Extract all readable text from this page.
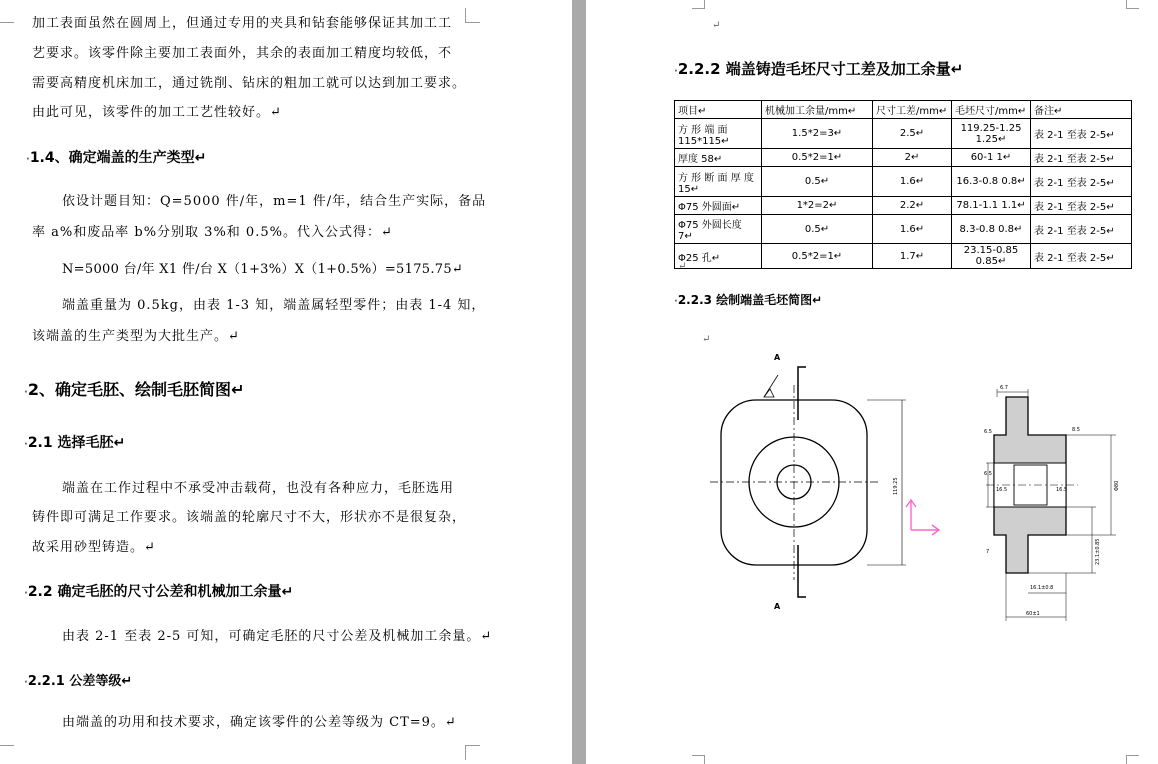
加工表面虽然在圆周上，但通过专用的夹具和钻套能够保证其加工工
艺要求。该零件除主要加工表面外，其余的表面加工精度均较低，不
需要高精度机床加工，通过铣削、钻床的粗加工就可以达到加工要求。
由此可见，该零件的加工工艺性较好。↵
·1.4、确定端盖的生产类型↵
依设计题目知：Q=5000 件/年，m=1 件/年，结合生产实际，备品
率 a%和废品率 b%分别取 3%和 0.5%。代入公式得：↵
N=5000 台/年 X1 件/台 X（1+3%）X（1+0.5%）=5175.75↵
端盖重量为 0.5kg，由表 1-3 知，端盖属轻型零件；由表 1-4 知，
该端盖的生产类型为大批生产。↵
·2、确定毛胚、绘制毛胚简图↵
·2.1 选择毛胚↵
端盖在工作过程中不承受冲击载荷，也没有各种应力，毛胚选用
铸件即可满足工作要求。该端盖的轮廓尺寸不大，形状亦不是很复杂，
故采用砂型铸造。↵
·2.2 确定毛胚的尺寸公差和机械加工余量↵
由表 2-1 至表 2-5 可知，可确定毛胚的尺寸公差及机械加工余量。↵
·2.2.1 公差等级↵
由端盖的功用和技术要求，确定该零件的公差等级为 CT=9。↵
↵
·2.2.2 端盖铸造毛坯尺寸工差及加工余量↵
项目↵	机械加工余量/mm↵	尺寸工差/mm↵	毛坯尺寸/mm↵	备注↵
方 形 端 面 115*115↵	1.5*2=3↵	2.5↵	119.25-1.25 1.25↵	表 2-1 至表 2-5↵
厚度 58↵	0.5*2=1↵	2↵	60-1 1↵	表 2-1 至表 2-5↵
方 形 断 面 厚 度 15↵	0.5↵	1.6↵	16.3-0.8 0.8↵	表 2-1 至表 2-5↵
Φ75 外圆面↵	1*2=2↵	2.2↵	78.1-1.1 1.1↵	表 2-1 至表 2-5↵
Φ75 外圆长度 7↵	0.5↵	1.6↵	8.3-0.8 0.8↵	表 2-1 至表 2-5↵
Φ25 孔↵	0.5*2=1↵	1.7↵	23.15-0.85 0.85↵	表 2-1 至表 2-5↵
↵
·2.2.3 绘制端盖毛坯简图↵
↵
A
A
119.25
6.7
6.5
16.5	16.5
6.5
7
8.5
Φ80
23.1±0.85
16.1±0.8
60±1
